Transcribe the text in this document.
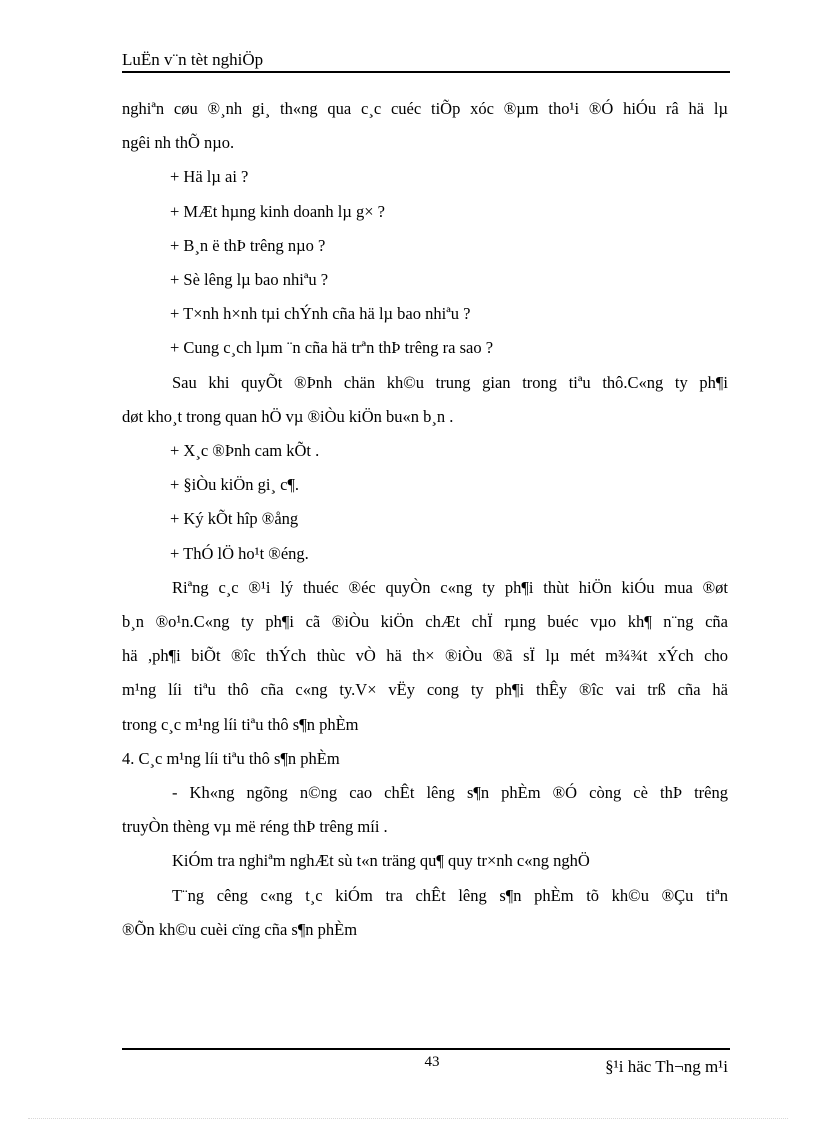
LuËn v¨n tèt nghiÖp

nghiªn cøu ®¸nh gi¸ th«ng qua c¸c cuéc tiÕp xóc ®µm tho¹i ®Ó hiÓu râ hä lµ

ngêi nh thÕ nµo.

+ Hä lµ ai ?

+ MÆt hµng kinh doanh lµ g× ?

+ B¸n ë thÞ trêng nµo ?

+ Sè lêng lµ bao nhiªu ?

+ T×nh h×nh tµi chÝnh cña hä lµ bao nhiªu ?

+ Cung c¸ch lµm ¨n cña hä trªn thÞ trêng ra sao ?

Sau khi quyÕt ®Þnh chän kh©u trung gian trong tiªu thô.C«ng ty ph¶i

døt kho¸t trong quan hÖ vµ ®iÒu kiÖn bu«n b¸n .

+ X¸c ®Þnh cam kÕt .

+ §iÒu kiÖn gi¸ c¶.

+ Ký kÕt hîp ®ång

+ ThÓ lÖ ho¹t ®éng.

Riªng c¸c ®¹i lý thuéc ®éc quyÒn c«ng ty ph¶i thùt hiÖn kiÓu mua ®øt

b¸n ®o¹n.C«ng ty ph¶i cã ®iÒu kiÖn chÆt chÏ rµng buéc vµo kh¶ n¨ng cña

hä ,ph¶i biÕt ®îc thÝch thùc vÒ hä th× ®iÒu ®ã sÏ lµ mét m¾¾t xÝch cho

m¹ng líi tiªu thô cña c«ng ty.V× vËy cong ty ph¶i thÊy ®îc vai trß cña hä

trong c¸c m¹ng líi tiªu thô s¶n phÈm

4. C¸c m¹ng líi tiªu thô s¶n phÈm

- Kh«ng ngõng n©ng cao chÊt lêng s¶n phÈm ®Ó còng cè thÞ trêng

truyÒn thèng vµ më réng thÞ trêng míi .

KiÓm tra nghiªm nghÆt sù t«n träng qu¶ quy tr×nh c«ng nghÖ

T¨ng cêng c«ng t¸c kiÓm tra chÊt lêng s¶n phÈm tõ kh©u ®Çu tiªn

®Õn kh©u cuèi cïng cña s¶n phÈm

43	§¹i häc Th¬ng m¹i
